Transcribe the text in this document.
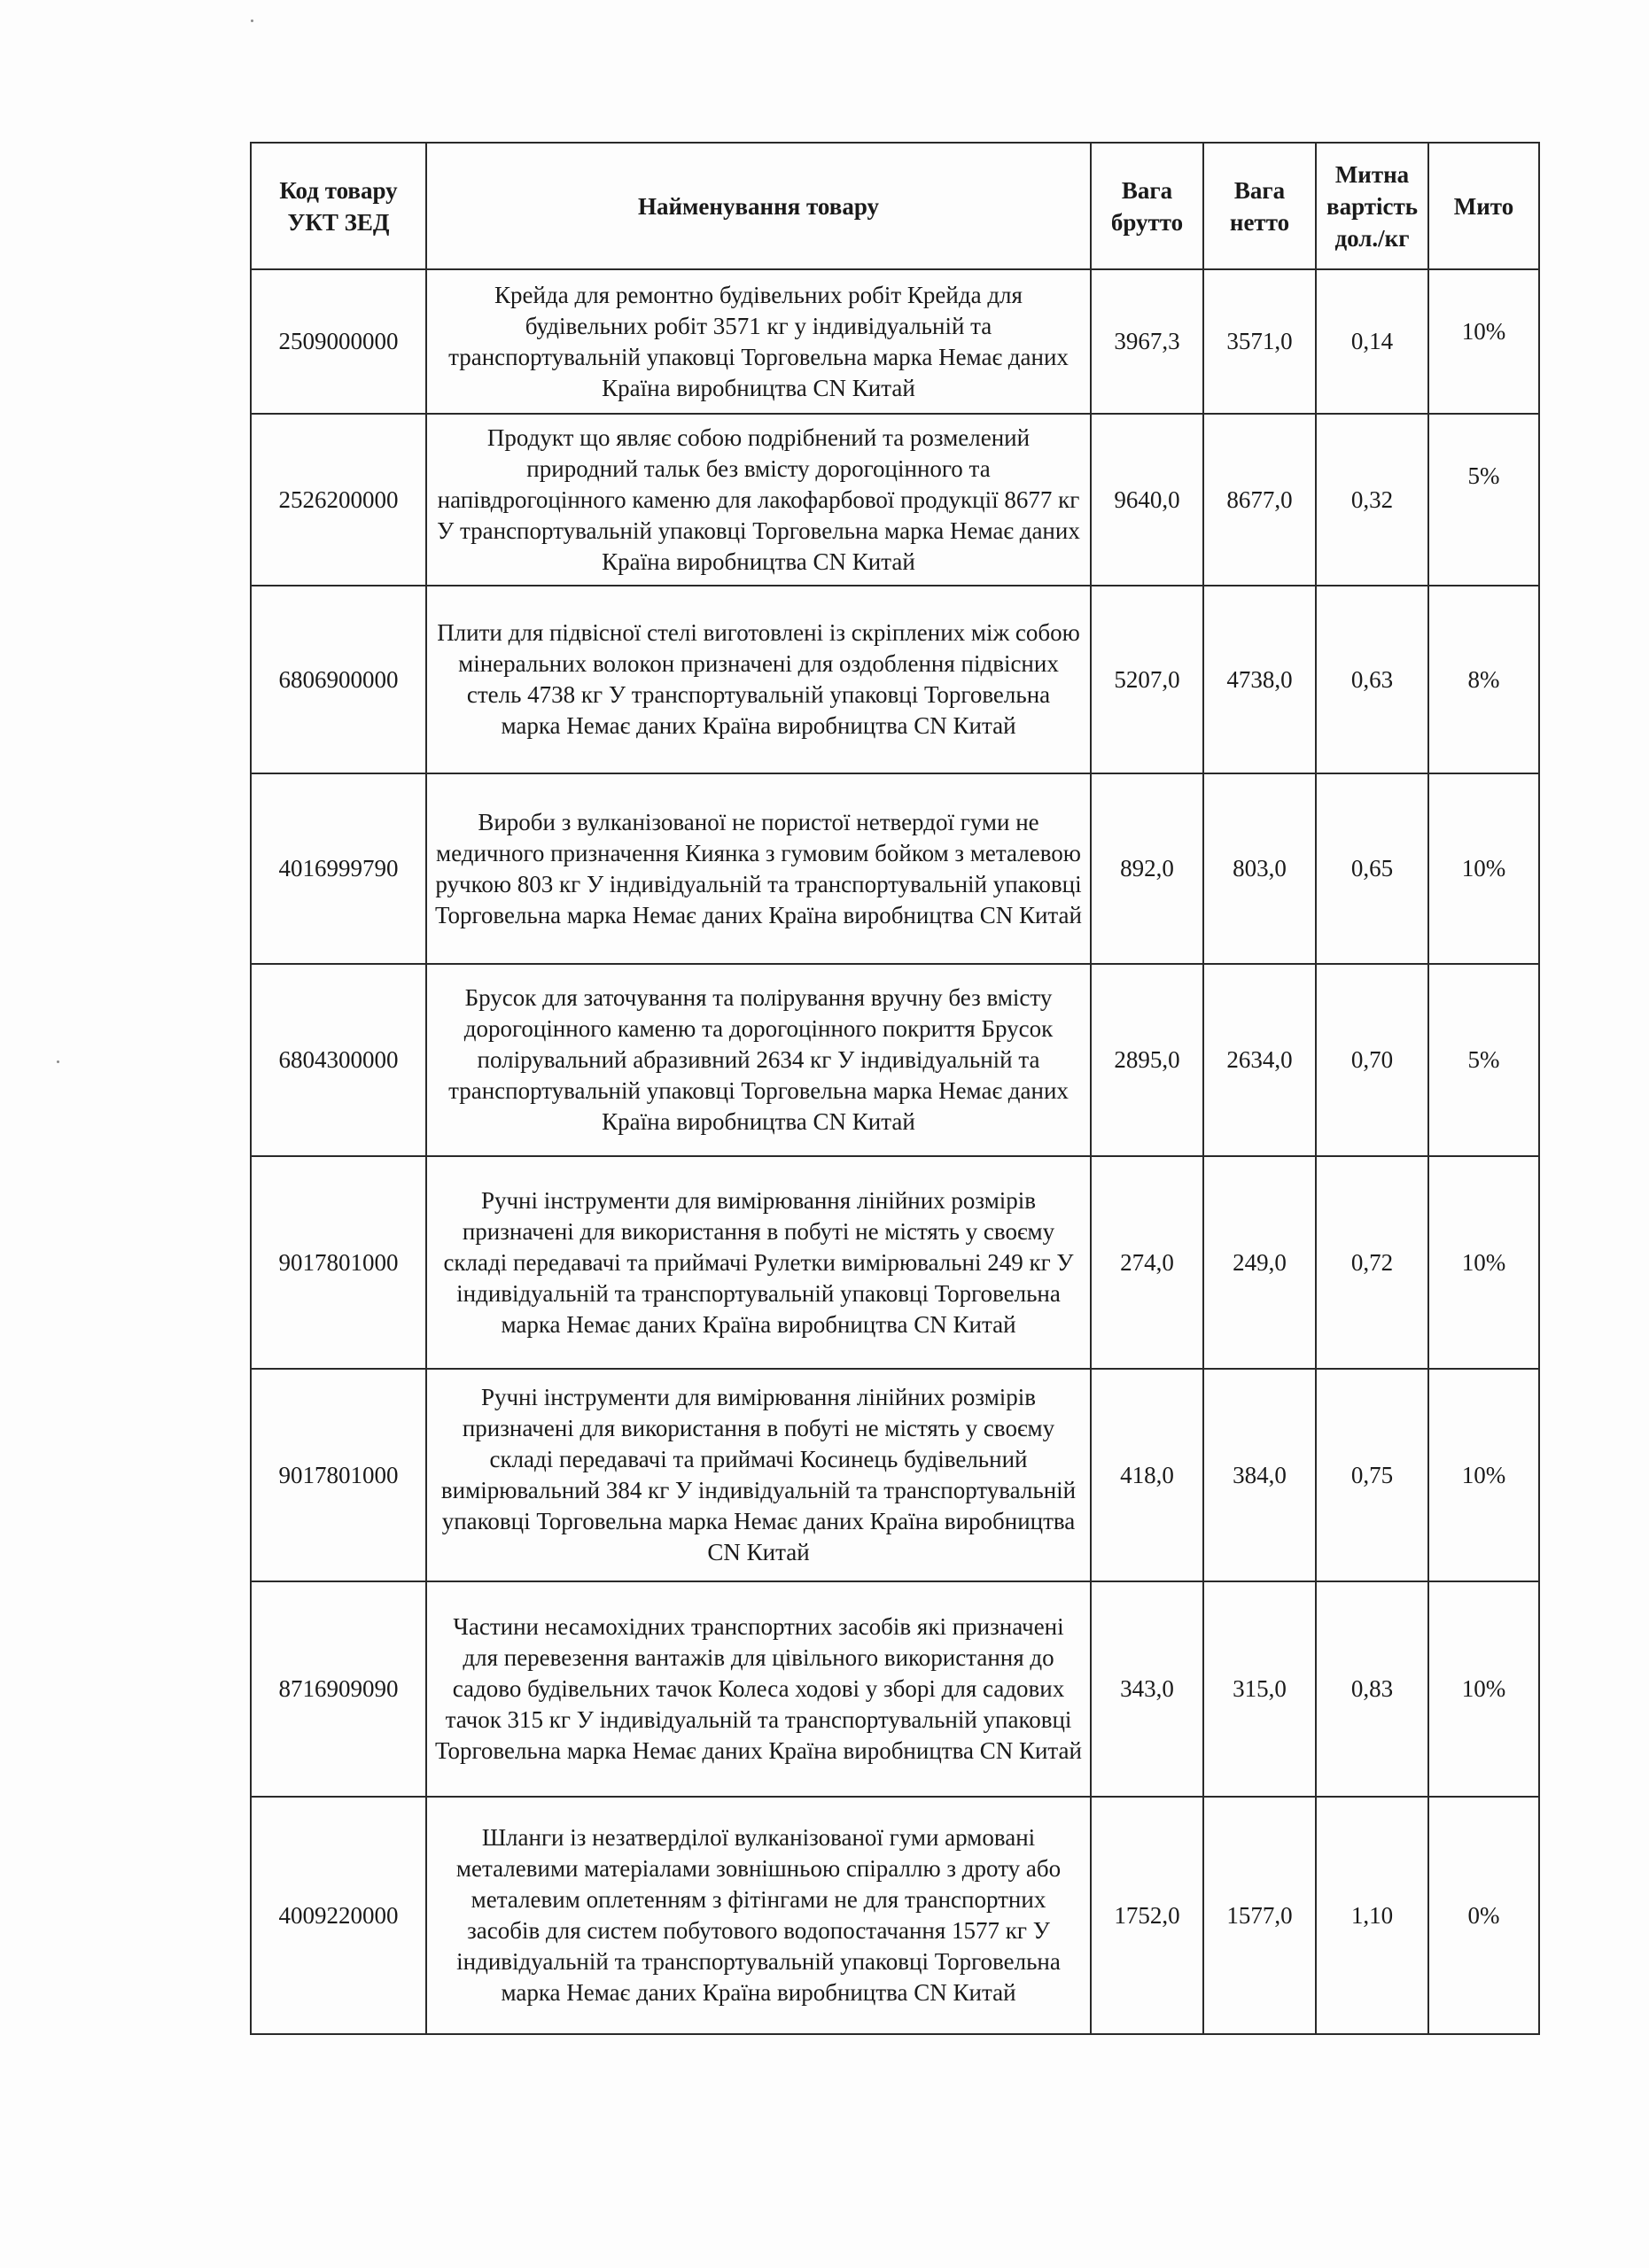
Код товару УКТ ЗЕД	Найменування товару	Вага брутто	Вага нетто	Митна вартість дол./кг	Мито
2509000000	Крейда для ремонтно будівельних робіт Крейда для будівельних робіт 3571 кг у індивідуальній та транспортувальній упаковці Торговельна марка Немає даних Країна виробництва CN Китай	3967,3	3571,0	0,14	10%
2526200000	Продукт що являє собою подрібнений та розмелений природний тальк без вмісту дорогоцінного та напівдрогоцінного каменю для лакофарбової продукції 8677 кг У транспортувальній упаковці Торговельна марка Немає даних Країна виробництва CN Китай	9640,0	8677,0	0,32	5%
6806900000	Плити для підвісної стелі виготовлені із скріплених між собою мінеральних волокон призначені для оздоблення підвісних стель 4738 кг У транспортувальній упаковці Торговельна марка Немає даних Країна виробництва CN Китай	5207,0	4738,0	0,63	8%
4016999790	Вироби з вулканізованої не пористої нетвердої гуми не медичного призначення Киянка з гумовим бойком з металевою ручкою 803 кг У індивідуальній та транспортувальній упаковці Торговельна марка Немає даних Країна виробництва CN Китай	892,0	803,0	0,65	10%
6804300000	Брусок для заточування та полірування вручну без вмісту дорогоцінного каменю та дорогоцінного покриття Брусок полірувальний абразивний 2634 кг У індивідуальній та транспортувальній упаковці Торговельна марка Немає даних Країна виробництва CN Китай	2895,0	2634,0	0,70	5%
9017801000	Ручні інструменти для вимірювання лінійних розмірів призначені для використання в побуті не містять у своєму складі передавачі та приймачі Рулетки вимірювальні 249 кг У індивідуальній та транспортувальній упаковці Торговельна марка Немає даних Країна виробництва CN Китай	274,0	249,0	0,72	10%
9017801000	Ручні інструменти для вимірювання лінійних розмірів призначені для використання в побуті не містять у своєму складі передавачі та приймачі Косинець будівельний вимірювальний 384 кг У індивідуальній та транспортувальній упаковці Торговельна марка Немає даних Країна виробництва CN Китай	418,0	384,0	0,75	10%
8716909090	Частини несамохідних транспортних засобів які призначені для перевезення вантажів для цівільного використання до садово будівельних тачок Колеса ходові у зборі для садових тачок 315 кг У індивідуальній та транспортувальній упаковці Торговельна марка Немає даних Країна виробництва CN Китай	343,0	315,0	0,83	10%
4009220000	Шланги із незатверділої вулканізованої гуми армовані металевими матеріалами зовнішньою спіраллю з дроту або металевим оплетенням з фітінгами не для транспортних засобів для систем побутового водопостачання 1577 кг У індивідуальній та транспортувальній упаковці Торговельна марка Немає даних Країна виробництва CN Китай	1752,0	1577,0	1,10	0%
